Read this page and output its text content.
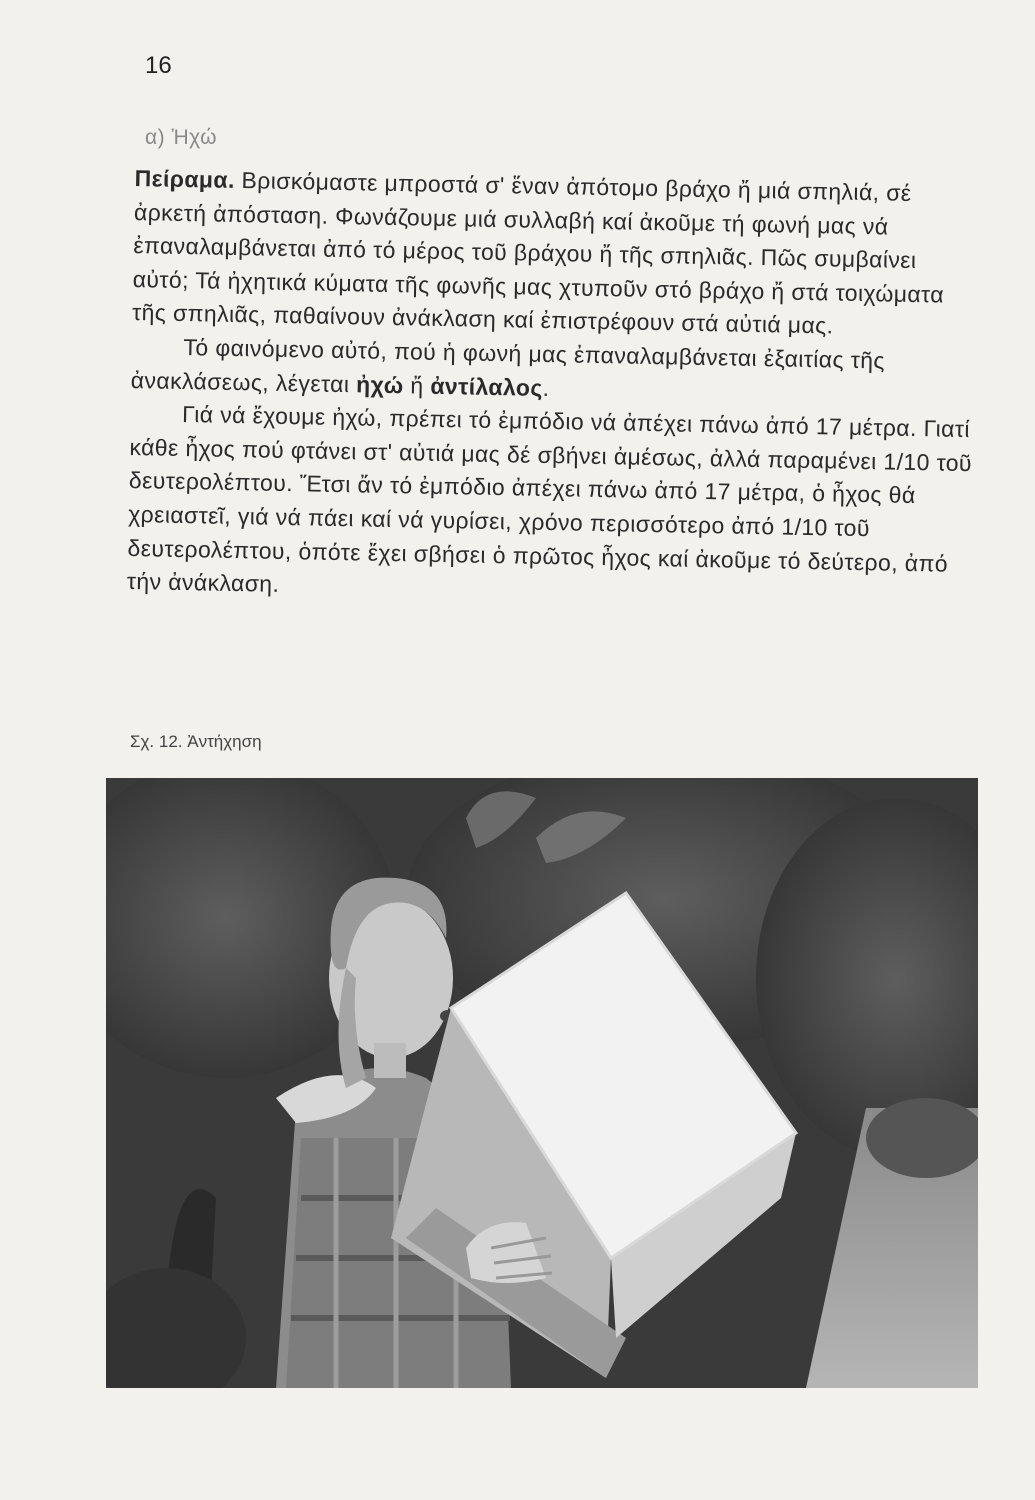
16
α) Ἠχώ

Πείραμα. Βρισκόμαστε μπροστά σ' ἕναν ἀπότομο βράχο ἤ μιά σπηλιά, σέ ἀρκετή ἀπόσταση. Φωνάζουμε μιά συλλαβή καί ἀκοῦμε τή φωνή μας νά ἐπαναλαμβάνεται ἀπό τό μέρος τοῦ βράχου ἤ τῆς σπηλιᾶς. Πῶς συμβαίνει αὐτό; Τά ἠχητικά κύματα τῆς φωνῆς μας χτυποῦν στό βράχο ἤ στά τοιχώματα τῆς σπηλιᾶς, παθαίνουν ἀνάκλαση καί ἐπιστρέφουν στά αὐτιά μας.

Τό φαινόμενο αὐτό, πού ἡ φωνή μας ἐπαναλαμβάνεται ἐξαιτίας τῆς ἀνακλάσεως, λέγεται ἠχώ ἤ ἀντίλαλος.

Γιά νά ἔχουμε ἠχώ, πρέπει τό ἐμπόδιο νά ἀπέχει πάνω ἀπό 17 μέτρα. Γιατί κάθε ἦχος πού φτάνει στ' αὐτιά μας δέ σβήνει ἀμέσως, ἀλλά παραμένει 1/10 τοῦ δευτερολέπτου. Ἔτσι ἄν τό ἐμπόδιο ἀπέχει πάνω ἀπό 17 μέτρα, ὁ ἦχος θά χρειαστεῖ, γιά νά πάει καί νά γυρίσει, χρόνο περισσότερο ἀπό 1/10 τοῦ δευτερολέπτου, ὁπότε ἔχει σβήσει ὁ πρῶτος ἦχος καί ἀκοῦμε τό δεύτερο, ἀπό τήν ἀνάκλαση.

Σχ. 12. Ἀντήχηση
